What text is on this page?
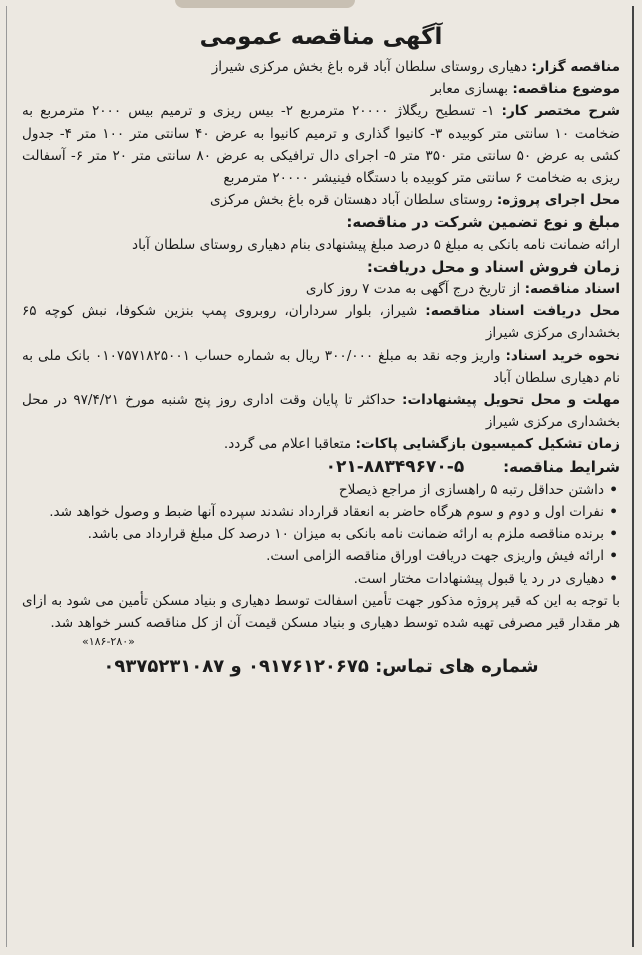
آگهی مناقصه عمومی

مناقصه گزار: دهیاری روستای سلطان آباد قره باغ بخش مرکزی شیراز

موضوع مناقصه: بهسازی معابر

شرح مختصر کار: ۱- تسطیح ریگلاژ ۲۰۰۰۰ مترمربع ۲- بیس ریزی و ترمیم بیس ۲۰۰۰ مترمربع به ضخامت ۱۰ سانتی متر کوبیده ۳- کانیوا گذاری و ترمیم کانیوا به عرض ۴۰ سانتی متر ۱۰۰ متر ۴- جدول کشی به عرض ۵۰ سانتی متر ۳۵۰ متر ۵- اجرای دال ترافیکی به عرض ۸۰ سانتی متر ۲۰ متر ۶- آسفالت ریزی به ضخامت ۶ سانتی متر کوبیده با دستگاه فینیشر ۲۰۰۰۰ مترمربع

محل اجرای پروژه: روستای سلطان آباد دهستان قره باغ بخش مرکزی

مبلغ و نوع تضمین شرکت در مناقصه:

ارائه ضمانت نامه بانکی به مبلغ ۵ درصد مبلغ پیشنهادی بنام دهیاری روستای سلطان آباد

زمان فروش اسناد و محل دریافت:

اسناد مناقصه: از تاریخ درج آگهی به مدت ۷ روز کاری

محل دریافت اسناد مناقصه: شیراز، بلوار سرداران، روبروی پمپ بنزین شکوفا، نبش کوچه ۶۵ بخشداری مرکزی شیراز

نحوه خرید اسناد: واریز وجه نقد به مبلغ ۳۰۰/۰۰۰ ریال به شماره حساب ۰۱۰۷۵۷۱۸۲۵۰۰۱ بانک ملی به نام دهیاری سلطان آباد

مهلت و محل تحویل پیشنهادات: حداکثر تا پایان وقت اداری روز پنج شنبه مورخ ۹۷/۴/۲۱ در محل بخشداری مرکزی شیراز

زمان تشکیل کمیسیون بازگشایی پاکات: متعاقبا اعلام می گردد.

شرایط مناقصه:         ۰۲۱-۸۸۳۴۹۶۷۰-۵

• داشتن حداقل رتبه ۵ راهسازی از مراجع ذیصلاح
• نفرات اول و دوم و سوم هرگاه حاضر به انعقاد قرارداد نشدند سپرده آنها ضبط و وصول خواهد شد.
• برنده مناقصه ملزم به ارائه ضمانت نامه بانکی به میزان ۱۰ درصد کل مبلغ قرارداد می باشد.
• ارائه فیش واریزی جهت دریافت اوراق مناقصه الزامی است.
• دهیاری در رد یا قبول پیشنهادات مختار است.

با توجه به این که قیر پروژه مذکور جهت تأمین اسفالت توسط دهیاری و بنیاد مسکن تأمین می شود به ازای هر مقدار قیر مصرفی تهیه شده توسط دهیاری و بنیاد مسکن قیمت آن از کل مناقصه کسر خواهد شد.

«۱۸۶-۲۸۰»

شماره های تماس: ۰۹۱۷۶۱۲۰۶۷۵ و ۰۹۳۷۵۲۳۱۰۸۷
